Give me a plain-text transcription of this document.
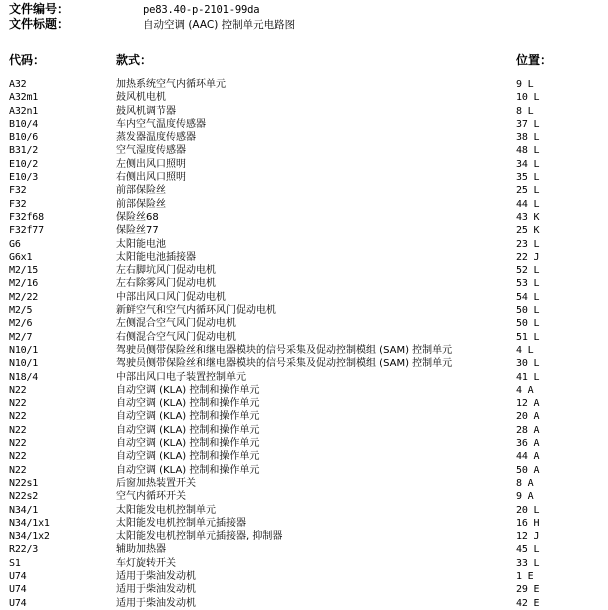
文件编号：	pe83.40-p-2101-99da
文件标题：	自动空调 (AAC) 控制单元电路图
代码：	款式：	位置：
A32	加热系统空气内循环单元	9 L
A32m1	鼓风机电机	10 L
A32n1	鼓风机调节器	8 L
B10/4	车内空气温度传感器	37 L
B10/6	蒸发器温度传感器	38 L
B31/2	空气湿度传感器	48 L
E10/2	左侧出风口照明	34 L
E10/3	右侧出风口照明	35 L
F32	前部保险丝	25 L
F32	前部保险丝	44 L
F32f68	保险丝68	43 K
F32f77	保险丝77	25 K
G6	太阳能电池	23 L
G6x1	太阳能电池插接器	22 J
M2/15	左右脚坑风门促动电机	52 L
M2/16	左右除雾风门促动电机	53 L
M2/22	中部出风口风门促动电机	54 L
M2/5	新鲜空气和空气内循环风门促动电机	50 L
M2/6	左侧混合空气风门促动电机	50 L
M2/7	右侧混合空气风门促动电机	51 L
N10/1	驾驶员侧带保险丝和继电器模块的信号采集及促动控制模组 (SAM) 控制单元	4 L
N10/1	驾驶员侧带保险丝和继电器模块的信号采集及促动控制模组 (SAM) 控制单元	30 L
N18/4	中部出风口电子装置控制单元	41 L
N22	自动空调 (KLA) 控制和操作单元	4 A
N22	自动空调 (KLA) 控制和操作单元	12 A
N22	自动空调 (KLA) 控制和操作单元	20 A
N22	自动空调 (KLA) 控制和操作单元	28 A
N22	自动空调 (KLA) 控制和操作单元	36 A
N22	自动空调 (KLA) 控制和操作单元	44 A
N22	自动空调 (KLA) 控制和操作单元	50 A
N22s1	后窗加热装置开关	8 A
N22s2	空气内循环开关	9 A
N34/1	太阳能发电机控制单元	20 L
N34/1x1	太阳能发电机控制单元插接器	16 H
N34/1x2	太阳能发电机控制单元插接器, 抑制器	12 J
R22/3	辅助加热器	45 L
S1	车灯旋转开关	33 L
U74	适用于柴油发动机	1 E
U74	适用于柴油发动机	29 E
U74	适用于柴油发动机	42 E
